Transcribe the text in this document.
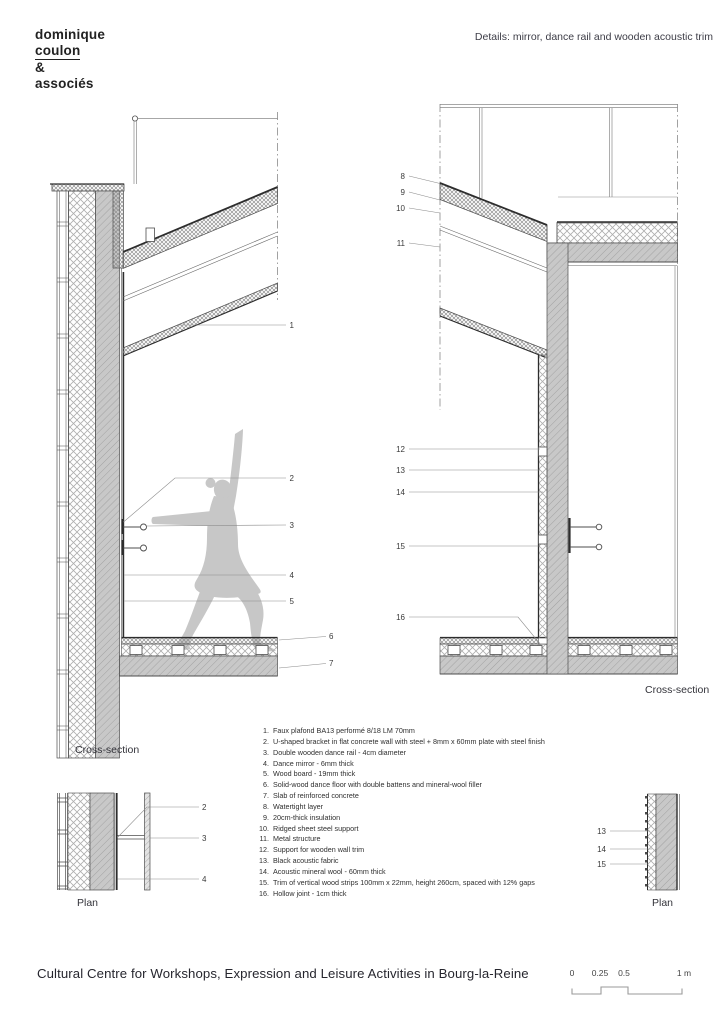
dominique
coulon
&
associés
Details: mirror, dance rail and wooden acoustic trim
1
2
3
4
5
6
7
8
9
10
11
12
13
14
15
16
2
3
4
13
14
15
0 0.25 0.5	1 m
Cross-section
Cross-section
Plan	Plan
1. Faux plafond BA13 performé 8/18 LM 70mm
2. U-shaped bracket in flat concrete wall with steel + 8mm x 60mm plate with steel finish
3. Double wooden dance rail - 4cm diameter
4. Dance mirror - 6mm thick
5. Wood board - 19mm thick
6. Solid-wood dance floor with double battens and mineral-wool filler
7. Slab of reinforced concrete
8. Watertight layer
9. 20cm-thick insulation
10. Ridged sheet steel support
11. Metal structure
12. Support for wooden wall trim
13. Black acoustic fabric
14. Acoustic mineral wool - 60mm thick
15. Trim of vertical wood strips 100mm x 22mm, height 260cm, spaced with 12% gaps
16. Hollow joint - 1cm thick
Cultural Centre for Workshops, Expression and Leisure Activities in Bourg-la-Reine
